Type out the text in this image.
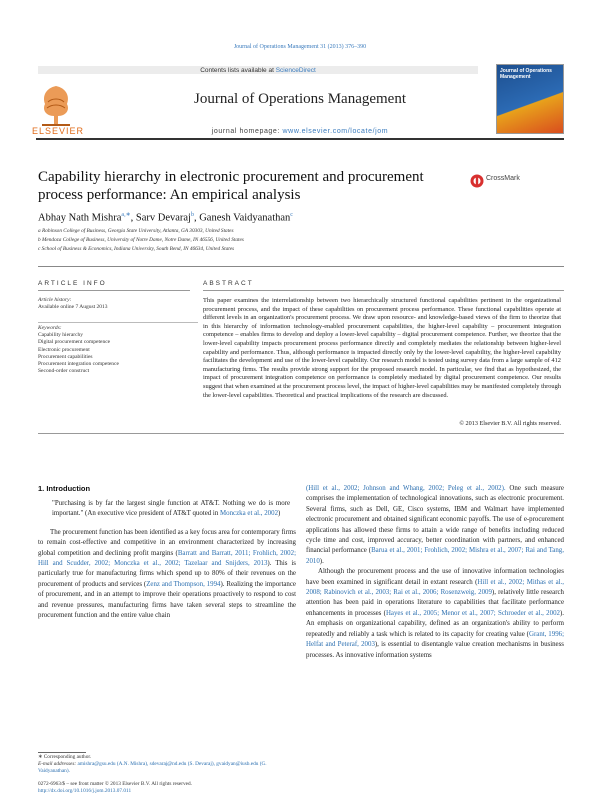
Journal of Operations Management 31 (2013) 376–390
Contents lists available at ScienceDirect
ELSEVIER
Journal of Operations Management
journal homepage: www.elsevier.com/locate/jom
Journal of Operations Management
Capability hierarchy in electronic procurement and procurement process performance: An empirical analysis
CrossMark
Abhay Nath Mishra$^{a,∗}$, Sarv Devaraj$^b$, Ganesh Vaidyanathan$^c$
a Robinson College of Business, Georgia State University, Atlanta, GA 30303, United States
b Mendoza College of Business, University of Notre Dame, Notre Dame, IN 46556, United States
c School of Business & Economics, Indiana University, South Bend, IN 46634, United States
ARTICLE INFO
Article history:
Available online 7 August 2013
Keywords:
Capability hierarchy
Digital procurement competence
Electronic procurement
Procurement capabilities
Procurement integration competence
Second-order construct
ABSTRACT
This paper examines the interrelationship between two hierarchically structured functional capabilities pertinent in the organizational procurement process, and the impact of these capabilities on procurement process performance. These functional capabilities operate at different levels in an organization's procurement process. We draw upon resource- and knowledge-based views of the firm to theorize that in this hierarchy of information technology-enabled procurement capabilities, the higher-level capability – procurement integration competence – enables firms to develop and deploy a lower-level capability – digital procurement competence. Further, we theorize that the lower-level capability impacts procurement process performance directly and completely mediates the relationship between higher-level capability and performance. Thus, although performance is impacted directly only by the lower-level capability, the higher-level capability facilitates the development and use of the lower-level capability. Our research model is tested using survey data from a large sample of 412 manufacturing firms. The results provide strong support for the proposed research model. In particular, we find that as hypothesized, the impact of procurement integration competence on performance is completely mediated by digital procurement competence. Our results suggest that when examined at the procurement process level, the impact of higher-level capabilities may be manifested completely through the lower-level capabilities. Theoretical and practical implications of the research are discussed.
© 2013 Elsevier B.V. All rights reserved.
1. Introduction

"Purchasing is by far the largest single function at AT&T. Nothing we do is more important." (An executive vice president of AT&T quoted in Monczka et al., 2002)

The procurement function has been identified as a key focus area for contemporary firms to remain cost-effective and competitive in an environment characterized by increasing global competition and declining profit margins (Barratt and Barratt, 2011; Frohlich, 2002; Hill and Scudder, 2002; Monczka et al., 2002; Tazelaar and Snijders, 2013). This is particularly true for manufacturing firms which spend up to 80% of their revenues on the procurement of products and services (Zenz and Thompson, 1994). Realizing the importance of procurement, and in an attempt to improve their operations proactively to respond to cost and revenue pressures, manufacturing firms have taken several steps to streamline the procurement function and the entire value chain

(Hill et al., 2002; Johnson and Whang, 2002; Peleg et al., 2002). One such measure comprises the implementation of technological innovations, such as electronic procurement. Several firms, such as Dell, GE, Cisco systems, IBM and Walmart have implemented electronic procurement and obtained significant economic payoffs. The use of e-procurement applications has allowed these firms to attain a wide range of benefits including reduced cycle time and cost, improved accuracy, better coordination with partners, and enhanced financial performance (Barua et al., 2001; Frohlich, 2002; Mishra et al., 2007; Rai and Tang, 2010).

Although the procurement process and the use of innovative information technologies have been examined in significant detail in extant research (Hill et al., 2002; Mithas et al., 2008; Rabinovich et al., 2003; Rai et al., 2006; Rosenzweig, 2009), relatively little research attention has been paid in operations literature to capabilities that facilitate performance enhancements in processes (Hayes et al., 2005; Menor et al., 2007; Schroeder et al., 2002). An emphasis on organizational capability, defined as an organization's ability to perform repeatedly and reliably a task which is related to its capacity for creating value (Grant, 1996; Helfat and Peteraf, 2003), is essential to disentangle value creation mechanisms in business processes. As innovative information systems

∗ Corresponding author.
E-mail addresses: amishra@gsu.edu (A.N. Mishra), sdevaraj@nd.edu (S. Devaraj), gvaidyan@iusb.edu (G. Vaidyanathan).
0272-6963/$ – see front matter © 2013 Elsevier B.V. All rights reserved.
http://dx.doi.org/10.1016/j.jom.2013.07.011
